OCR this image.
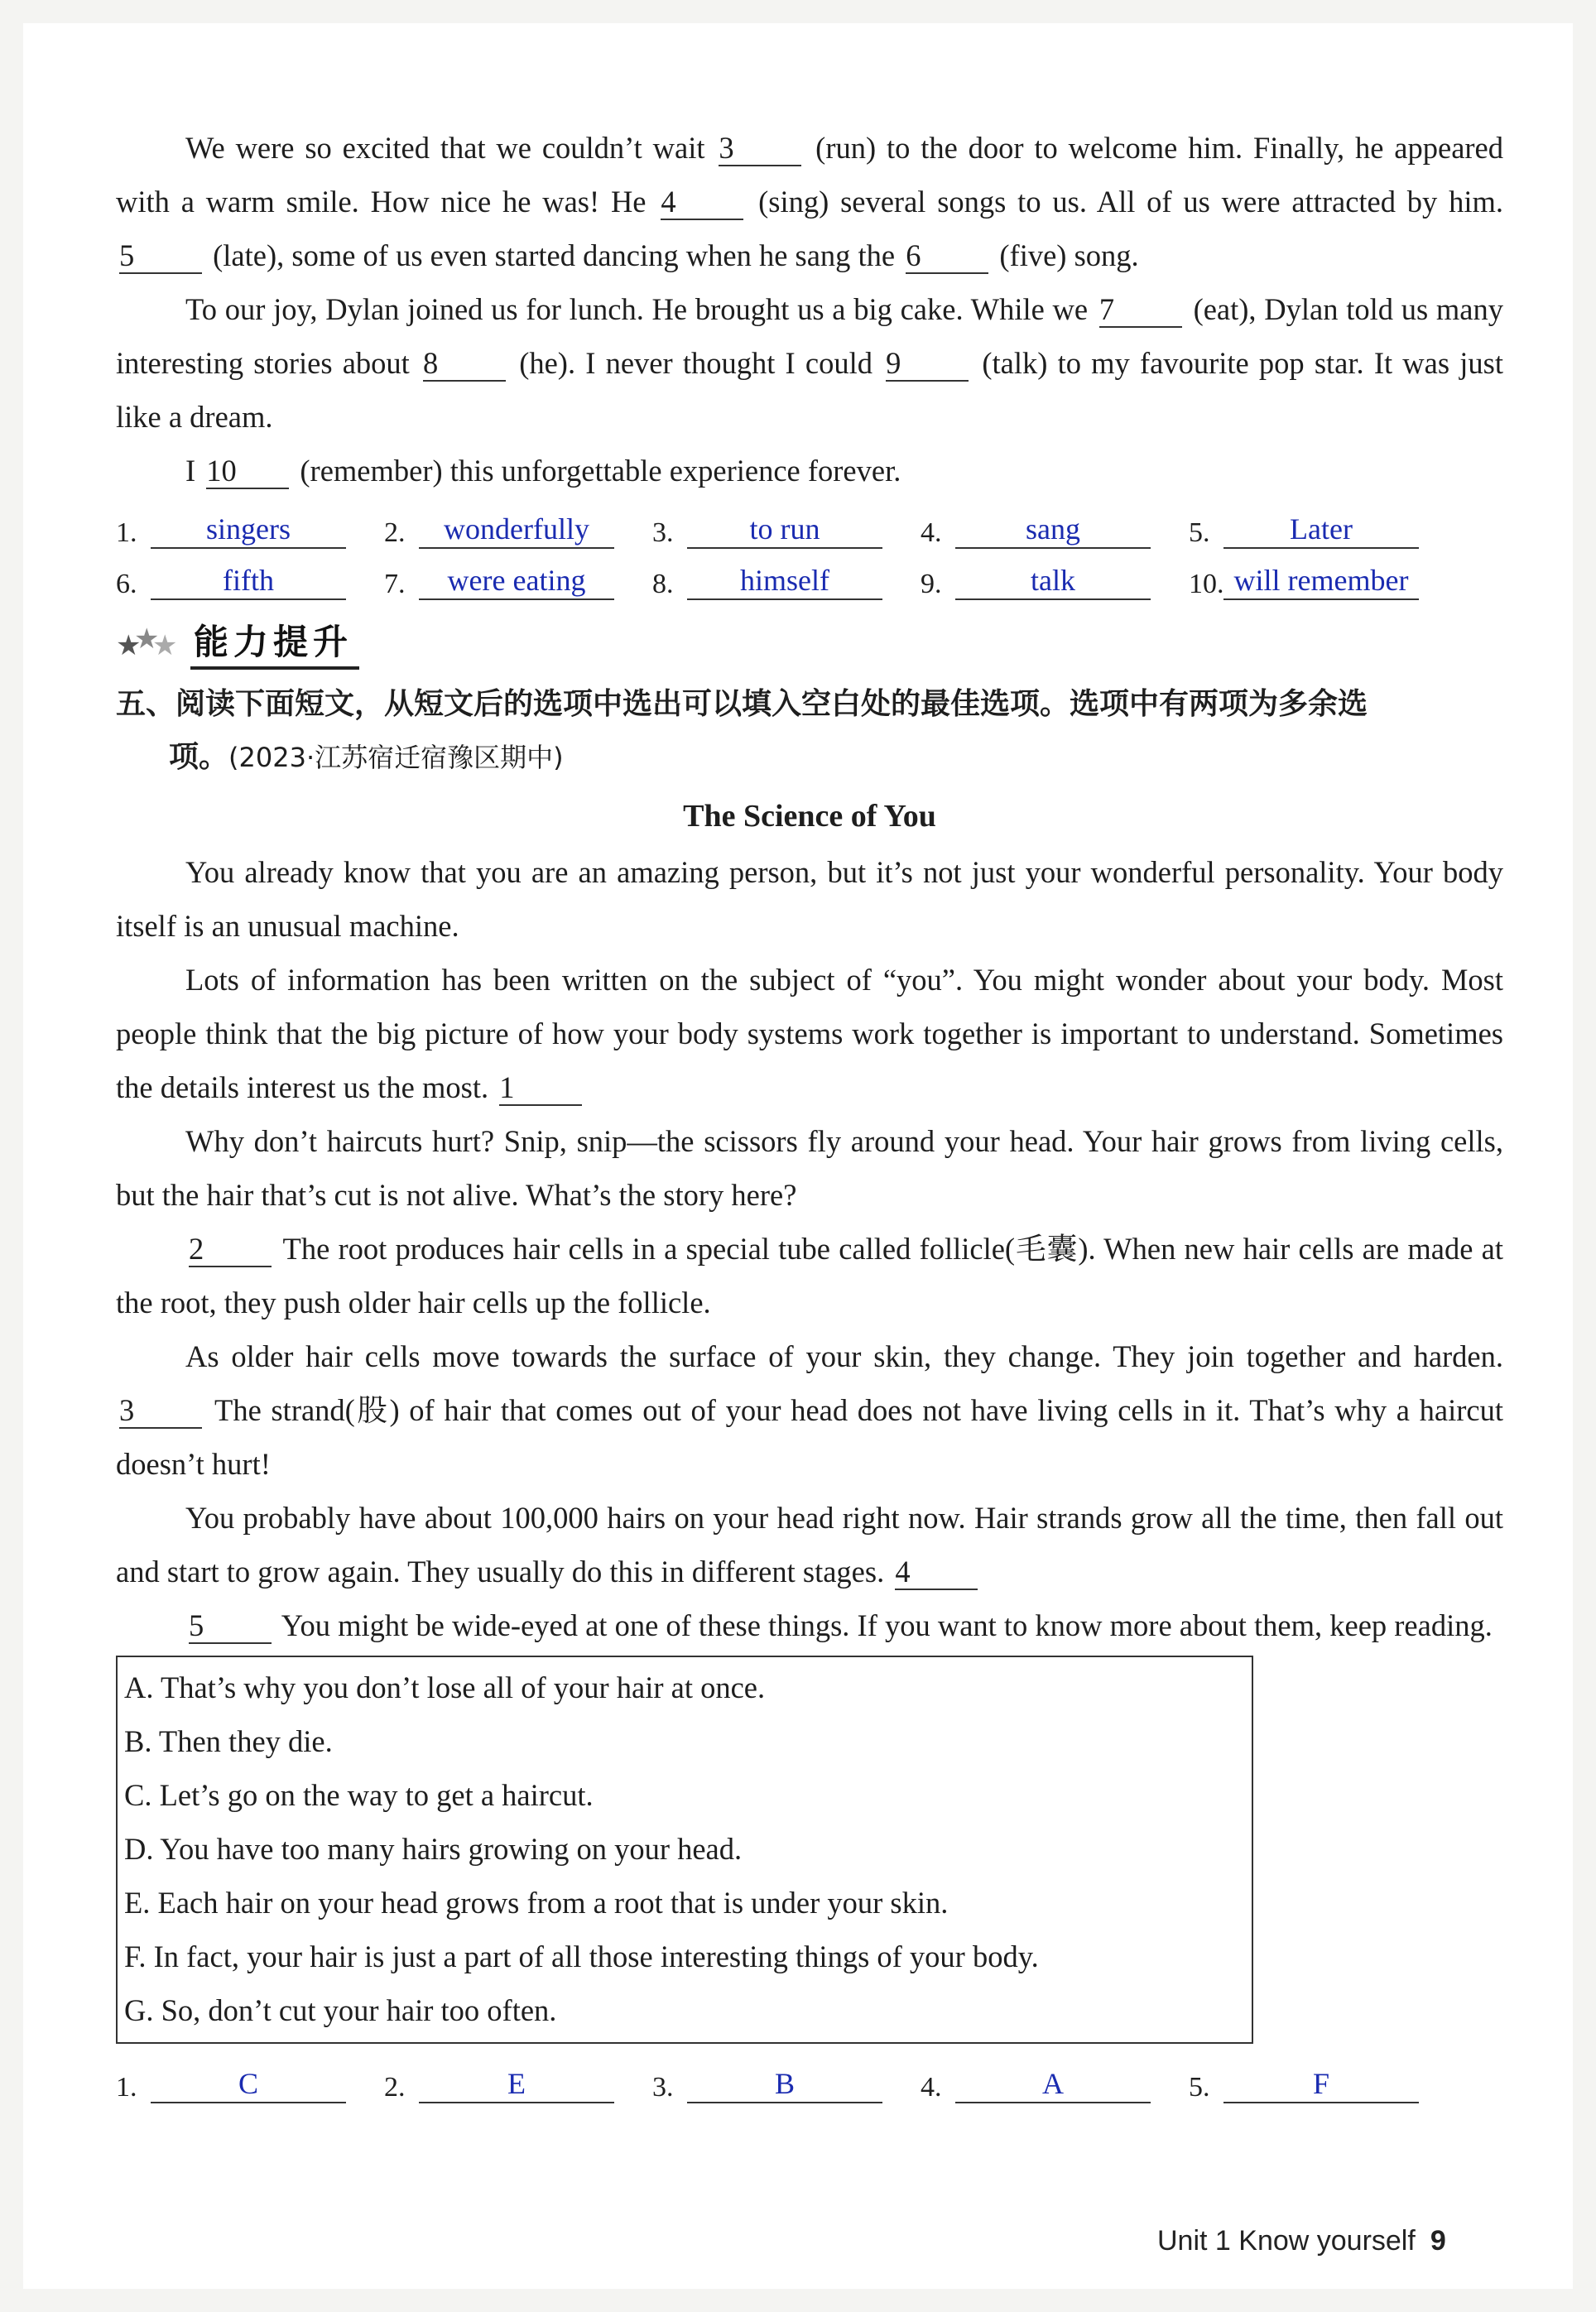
We were so excited that we couldn’t wait 3 (run) to the door to welcome him. Finally, he appeared with a warm smile. How nice he was! He 4 (sing) several songs to us. All of us were attracted by him. 5 (late), some of us even started dancing when he sang the 6 (five) song.

To our joy, Dylan joined us for lunch. He brought us a big cake. While we 7 (eat), Dylan told us many interesting stories about 8 (he). I never thought I could 9 (talk) to my favourite pop star. It was just like a dream.

I 10 (remember) this unforgettable experience forever.

1.	singers	2.	wonderfully	3.	to run	4.	sang	5.	Later
6.	fifth	7.	were eating	8.	himself	9.	talk	10. will remember
★
★
★ 能力提升
五、阅读下面短文，从短文后的选项中选出可以填入空白处的最佳选项。选项中有两项为多余选
项。(2023·江苏宿迁宿豫区期中)
The Science of You

You already know that you are an amazing person, but it’s not just your wonderful personality. Your body itself is an unusual machine.

Lots of information has been written on the subject of “you”. You might wonder about your body. Most people think that the big picture of how your body systems work together is important to understand. Sometimes the details interest us the most. 1

Why don’t haircuts hurt? Snip, snip—the scissors fly around your head. Your hair grows from living cells, but the hair that’s cut is not alive. What’s the story here?

2 The root produces hair cells in a special tube called follicle(毛囊). When new hair cells are made at the root, they push older hair cells up the follicle.

As older hair cells move towards the surface of your skin, they change. They join together and harden. 3 The strand(股) of hair that comes out of your head does not have living cells in it. That’s why a haircut doesn’t hurt!

You probably have about 100,000 hairs on your head right now. Hair strands grow all the time, then fall out and start to grow again. They usually do this in different stages. 4

5 You might be wide-eyed at one of these things. If you want to know more about them, keep reading.

A. That’s why you don’t lose all of your hair at once.
B. Then they die.
C. Let’s go on the way to get a haircut.
D. You have too many hairs growing on your head.
E. Each hair on your head grows from a root that is under your skin.
F. In fact, your hair is just a part of all those interesting things of your body.
G. So, don’t cut your hair too often.
1.	C	2.	E	3.	B	4.	A	5.	F
Unit 1 Know yourself 9
